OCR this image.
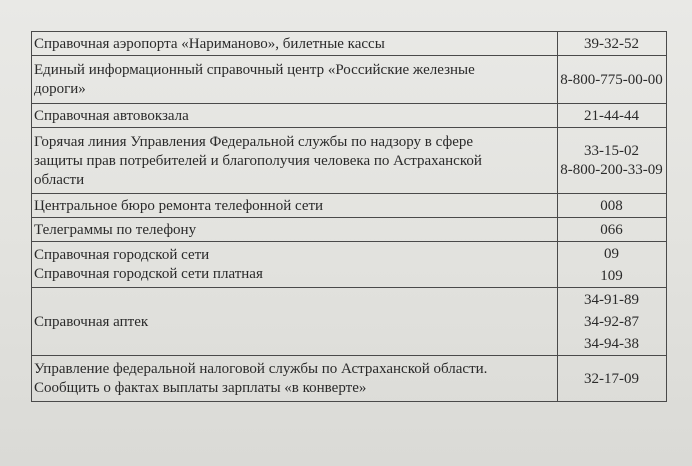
Справочная аэропорта «Нариманово», билетные кассы	39-32-52

Единый информационный справочный центр «Российские железные
дороги»	8-800-775-00-00

Справочная автовокзала	21-44-44

Горячая линия Управления Федеральной службы по надзору в сфере
защиты прав потребителей и благополучия человека по Астраханской
области	33-15-02
8-800-200-33-09

Центральное бюро ремонта телефонной сети	008

Телеграммы по телефону	066

Справочная городской сети
Справочная городской сети платная	09
109

Справочная аптек	34-91-89
34-92-87
34-94-38

Управление федеральной налоговой службы по Астраханской области.
Сообщить о фактах выплаты зарплаты «в конверте»	32-17-09
